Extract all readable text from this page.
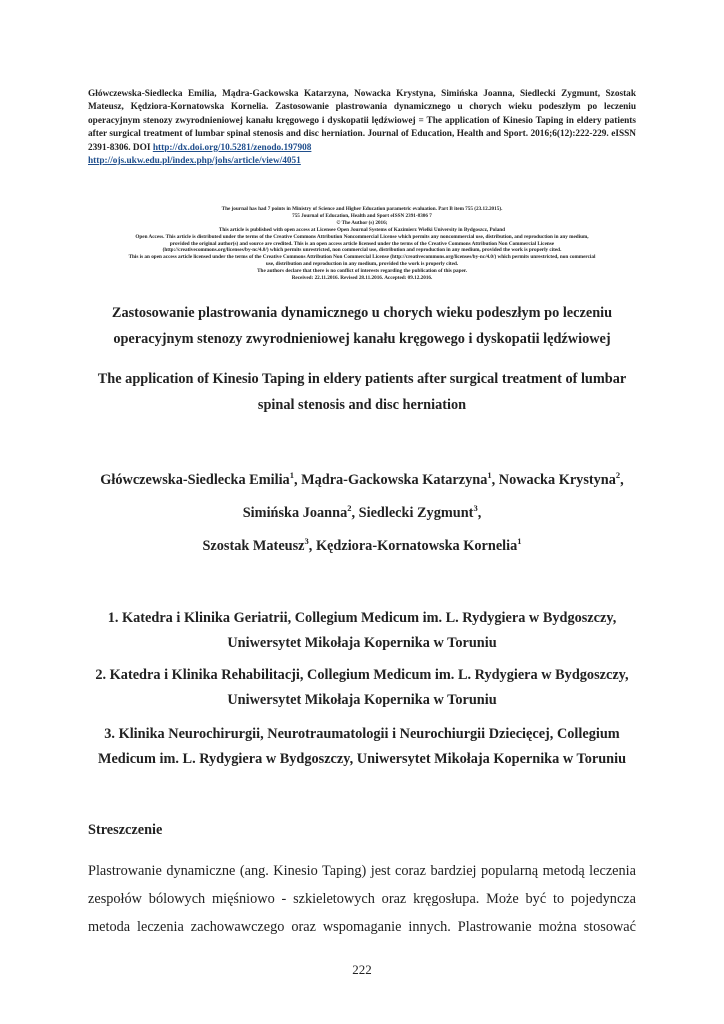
Główczewska-Siedlecka Emilia, Mądra-Gackowska Katarzyna, Nowacka Krystyna, Simińska Joanna, Siedlecki Zygmunt, Szostak Mateusz, Kędziora-Kornatowska Kornelia. Zastosowanie plastrowania dynamicznego u chorych wieku podeszłym po leczeniu operacyjnym stenozy zwyrodnieniowej kanału kręgowego i dyskopatii lędźwiowej = The application of Kinesio Taping in eldery patients after surgical treatment of lumbar spinal stenosis and disc herniation. Journal of Education, Health and Sport. 2016;6(12):222-229. eISSN 2391-8306. DOI http://dx.doi.org/10.5281/zenodo.197908
http://ojs.ukw.edu.pl/index.php/johs/article/view/4051
The journal has had 7 points in Ministry of Science and Higher Education parametric evaluation. Part B item 755 (23.12.2015).
755 Journal of Education, Health and Sport eISSN 2391-8306 7
© The Author (s) 2016;
This article is published with open access at Licensee Open Journal Systems of Kazimierz Wielki University in Bydgoszcz, Poland
Open Access. This article is distributed under the terms of the Creative Commons Attribution Noncommercial License which permits any noncommercial use, distribution, and reproduction in any medium,
provided the original author(s) and source are credited. This is an open access article licensed under the terms of the Creative Commons Attribution Non Commercial License
(http://creativecommons.org/licenses/by-nc/4.0/) which permits unrestricted, non commercial use, distribution and reproduction in any medium, provided the work is properly cited.
This is an open access article licensed under the terms of the Creative Commons Attribution Non Commercial License (http://creativecommons.org/licenses/by-nc/4.0/) which permits unrestricted, non commercial
use, distribution and reproduction in any medium, provided the work is properly cited.
The authors declare that there is no conflict of interests regarding the publication of this paper.
Received: 22.11.2016. Revised 28.11.2016. Accepted: 09.12.2016.
Zastosowanie plastrowania dynamicznego u chorych wieku podeszłym po leczeniu operacyjnym stenozy zwyrodnieniowej kanału kręgowego i dyskopatii lędźwiowej
The application of Kinesio Taping in eldery patients after surgical treatment of lumbar spinal stenosis and disc herniation
Główczewska-Siedlecka Emilia$^1$, Mądra-Gackowska Katarzyna$^1$, Nowacka Krystyna$^2$,
Simińska Joanna$^2$, Siedlecki Zygmunt$^3$,
Szostak Mateusz$^3$, Kędziora-Kornatowska Kornelia$^1$
1. Katedra i Klinika Geriatrii, Collegium Medicum im. L. Rydygiera w Bydgoszczy, Uniwersytet Mikołaja Kopernika w Toruniu
2. Katedra i Klinika Rehabilitacji, Collegium Medicum im. L. Rydygiera w Bydgoszczy, Uniwersytet Mikołaja Kopernika w Toruniu
3. Klinika Neurochirurgii, Neurotraumatologii i Neurochiurgii Dziecięcej, Collegium Medicum im. L. Rydygiera w Bydgoszczy, Uniwersytet Mikołaja Kopernika w Toruniu
Streszczenie
Plastrowanie dynamiczne (ang. Kinesio Taping) jest coraz bardziej popularną metodą leczenia zespołów bólowych mięśniowo - szkieletowych oraz kręgosłupa. Może być to pojedyncza metoda leczenia zachowawczego oraz wspomaganie innych. Plastrowanie można stosować
222
